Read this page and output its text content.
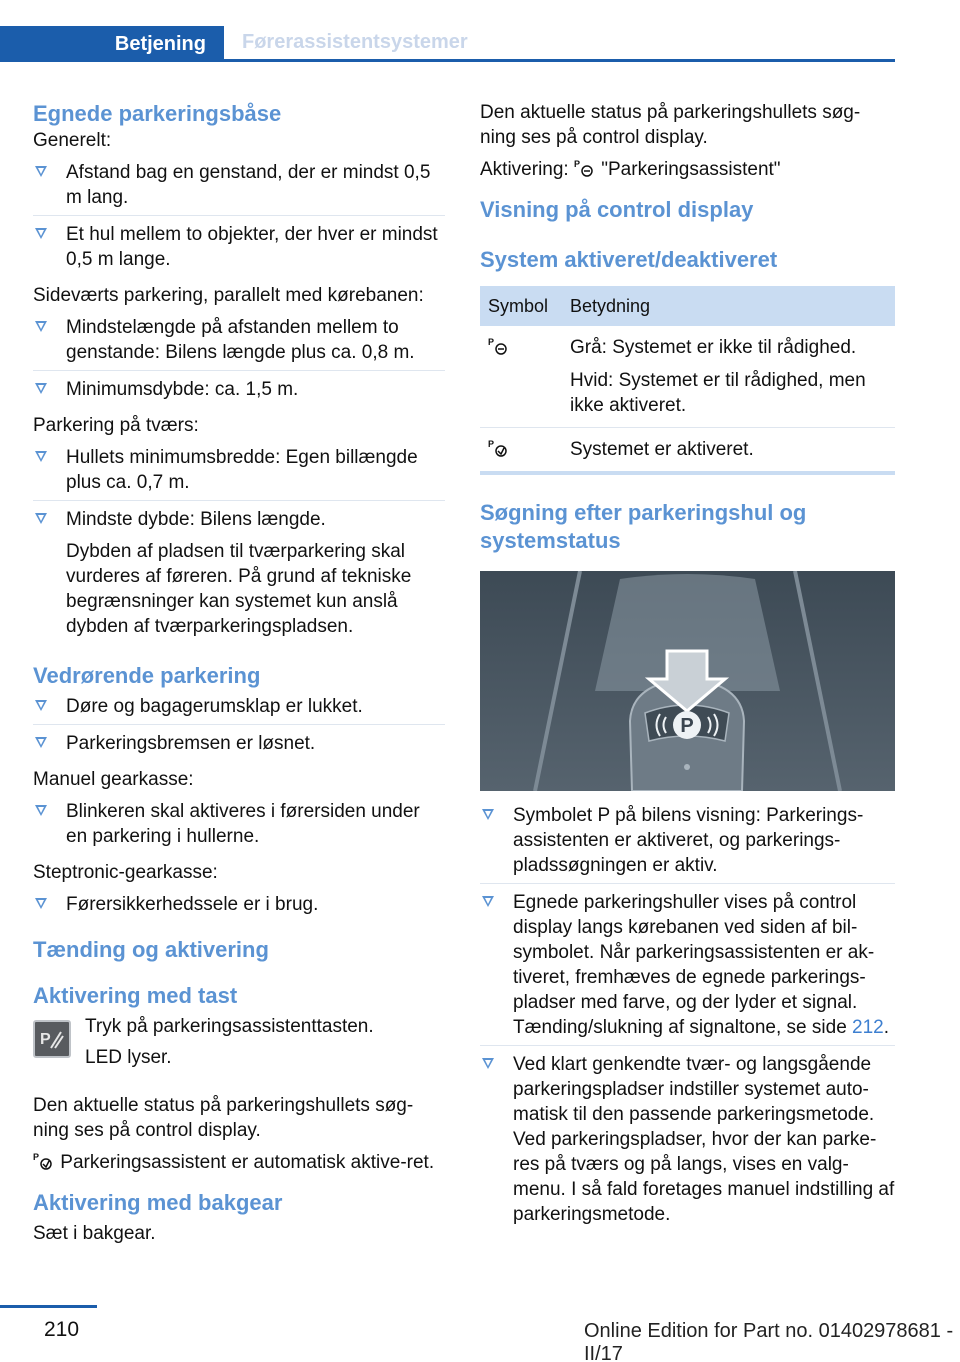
Betjening	Førerassistentsystemer
Egnede parkeringsbåse

Generelt:

Afstand bag en genstand, der er mindst 0,5 m lang.
Et hul mellem to objekter, der hver er mindst 0,5 m lange.

Sideværts parkering, parallelt med kørebanen:

Mindstelængde på afstanden mellem to genstande: Bilens længde plus ca. 0,8 m.
Minimumsdybde: ca. 1,5 m.

Parkering på tværs:

Hullets minimumsbredde: Egen billængde plus ca. 0,7 m.
Mindste dybde: Bilens længde.
Dybden af pladsen til tværparkering skal vurderes af føreren. På grund af tekniske begrænsninger kan systemet kun anslå dybden af tværparkeringspladsen.
Vedrørende parkering
Døre og bagagerumsklap er lukket.
Parkeringsbremsen er løsnet.

Manuel gearkasse:

Blinkeren skal aktiveres i førersiden under en parkering i hullerne.

Steptronic-gearkasse:

Førersikkerhedssele er i brug.
Tænding og aktivering
Aktivering med tast
P

Tryk på parkeringsassistenttasten.

LED lyser.

Den aktuelle status på parkeringshullets søg-ning ses på control display.

P Parkeringsassistent er automatisk aktive-ret.

Aktivering med bakgear

Sæt i bakgear.

Den aktuelle status på parkeringshullets søg-ning ses på control display.

Aktivering: P "Parkeringsassistent"

Visning på control display
System aktiveret/deaktiveret
Symbol	Betydning

P	Grå: Systemet er ikke til rådighed.
Hvid: Systemet er til rådighed, men ikke aktiveret.

P	Systemet er aktiveret.
Søgning efter parkeringshul og systemstatus
P
Symbolet P på bilens visning: Parkerings-assistenten er aktiveret, og parkerings-pladssøgningen er aktiv.
Egnede parkeringshuller vises på control display langs kørebanen ved siden af bil-symbolet. Når parkeringsassistenten er ak-tiveret, fremhæves de egnede parkerings-pladser med farve, og der lyder et signal. Tænding/slukning af signaltone, se side 212.
Ved klart genkendte tvær- og langsgående parkeringspladser indstiller systemet auto-matisk til den passende parkeringsmetode. Ved parkeringspladser, hvor der kan parke-res på tværs og på langs, vises en valg-menu. I så fald foretages manuel indstilling af parkeringsmetode.
210	Online Edition for Part no. 01402978681 - II/17
